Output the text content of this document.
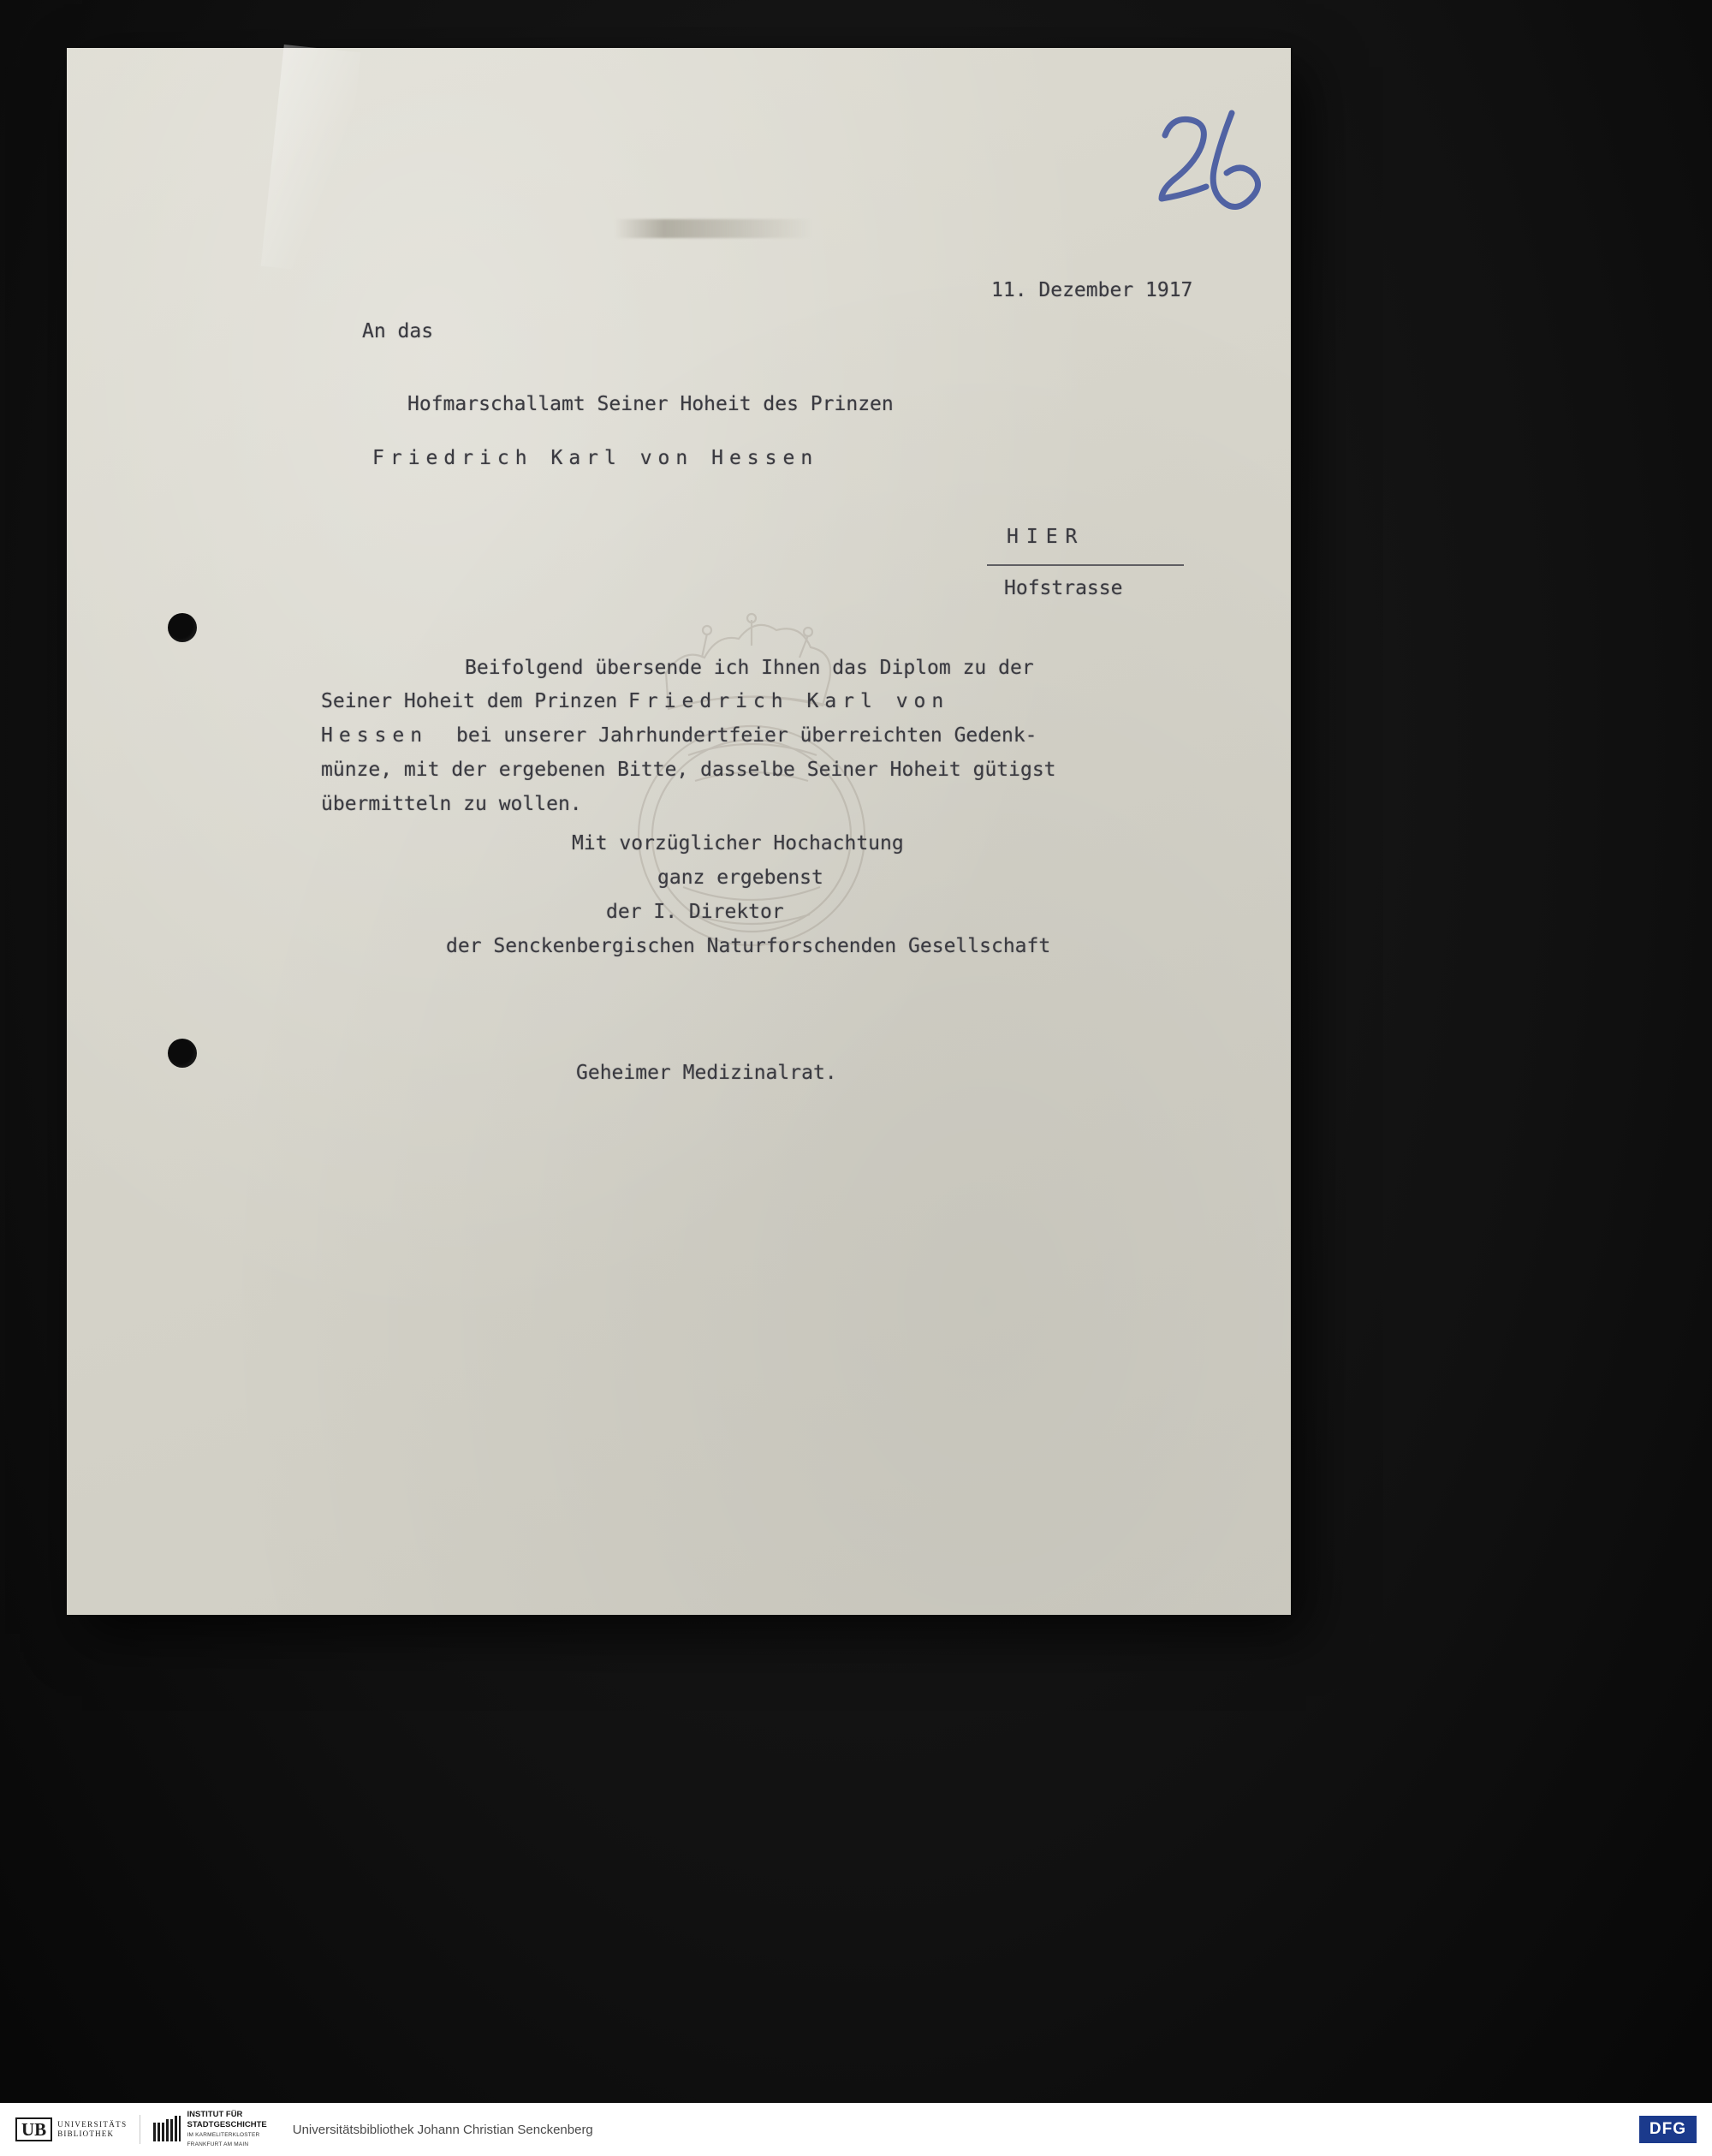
11. Dezember 1917
An das
Hofmarschallamt Seiner Hoheit des Prinzen
Friedrich Karl von Hessen
HIER
Hofstrasse
Beifolgend übersende ich Ihnen das Diplom zu der
Seiner Hoheit dem Prinzen
Friedrich Karl von
Hessen bei unserer Jahrhundertfeier überreichten Gedenk-
münze, mit der ergebenen Bitte, dasselbe Seiner Hoheit gütigst
übermitteln zu wollen.
Mit vorzüglicher Hochachtung
ganz ergebenst
der I. Direktor
der Senckenbergischen Naturforschenden Gesellschaft
Geheimer Medizinalrat.
UB	UNIVERSITÄTS
BIBLIOTHEK
INSTITUT FÜR
STADTGESCHICHTE
IM KARMELITERKLOSTER
FRANKFURT AM MAIN
Universitätsbibliothek Johann Christian Senckenberg	DFG
